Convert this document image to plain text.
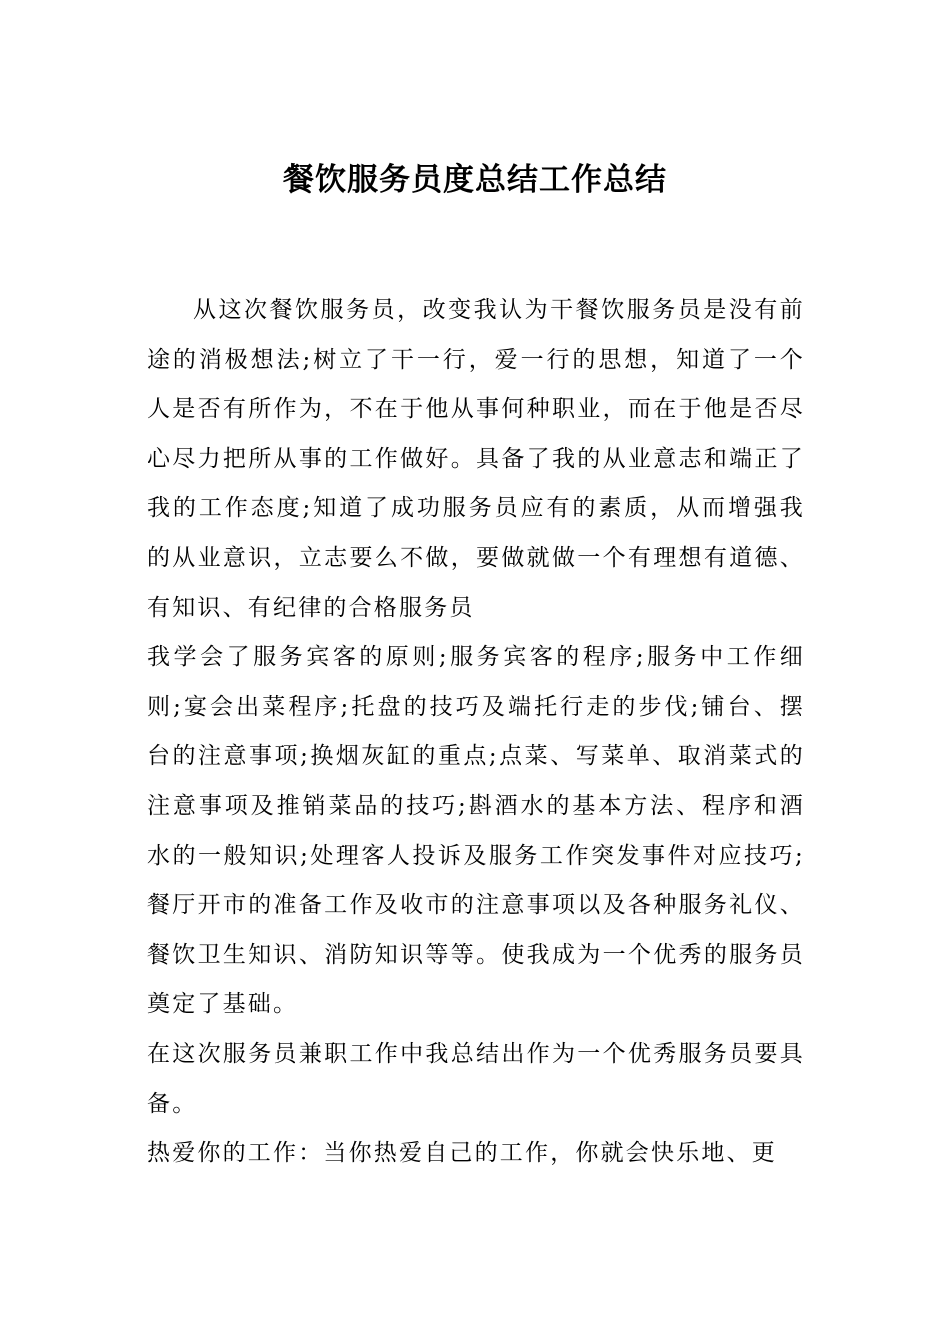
餐饮服务员度总结工作总结

从这次餐饮服务员，改变我认为干餐饮服务员是没有前途的消极想法;树立了干一行，爱一行的思想，知道了一个人是否有所作为，不在于他从事何种职业，而在于他是否尽心尽力把所从事的工作做好。具备了我的从业意志和端正了我的工作态度;知道了成功服务员应有的素质，从而增强我的从业意识，立志要么不做，要做就做一个有理想有道德、有知识、有纪律的合格服务员

我学会了服务宾客的原则;服务宾客的程序;服务中工作细则;宴会出菜程序;托盘的技巧及端托行走的步伐;铺台、摆台的注意事项;换烟灰缸的重点;点菜、写菜单、取消菜式的注意事项及推销菜品的技巧;斟酒水的基本方法、程序和酒水的一般知识;处理客人投诉及服务工作突发事件对应技巧;餐厅开市的准备工作及收市的注意事项以及各种服务礼仪、餐饮卫生知识、消防知识等等。使我成为一个优秀的服务员奠定了基础。

在这次服务员兼职工作中我总结出作为一个优秀服务员要具备。

热爱你的工作：当你热爱自己的工作，你就会快乐地、更
